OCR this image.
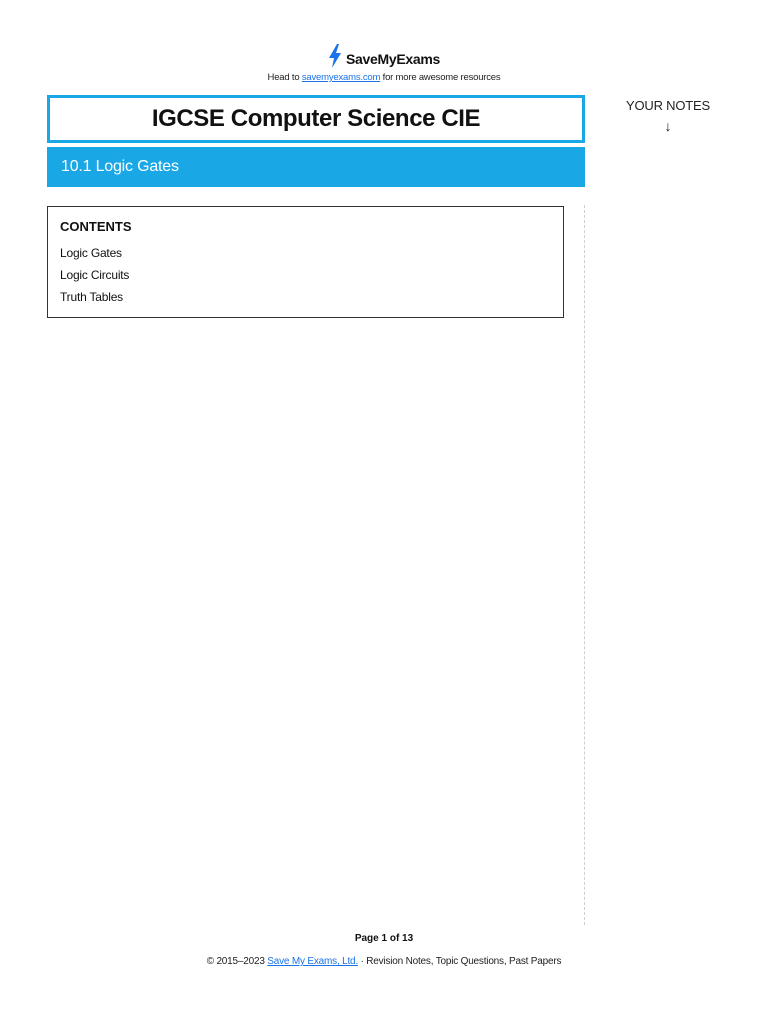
SaveMyExams
Head to savemyexams.com for more awesome resources
IGCSE Computer Science CIE
10.1 Logic Gates
YOUR NOTES
↓
CONTENTS
Logic Gates
Logic Circuits
Truth Tables
Page 1 of 13
© 2015–2023 Save My Exams, Ltd. · Revision Notes, Topic Questions, Past Papers
